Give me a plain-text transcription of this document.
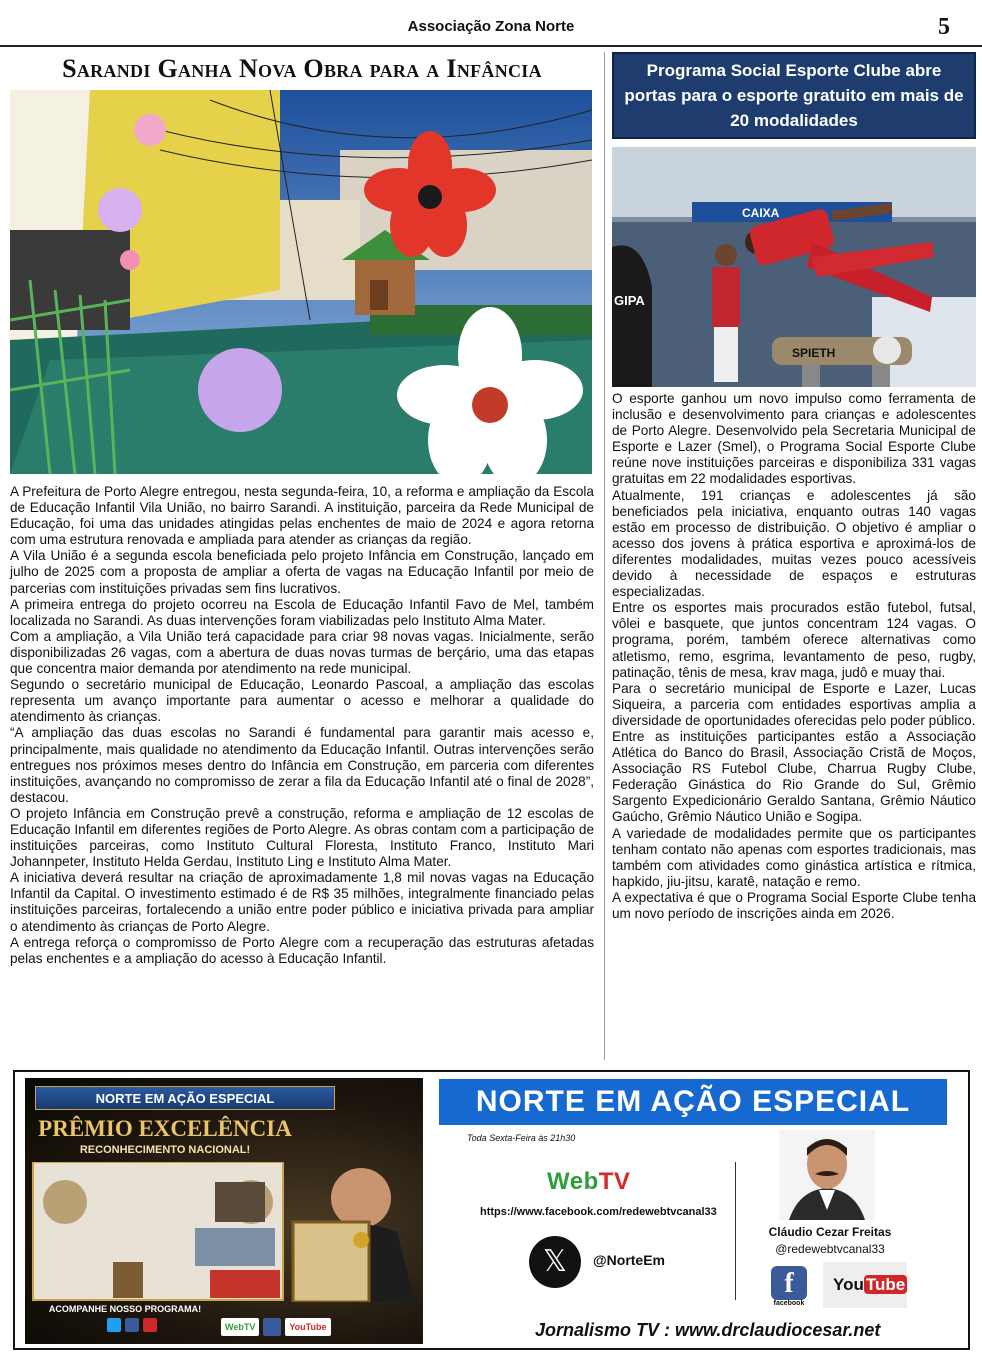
Associação Zona Norte	5
Sarandi Ganha Nova Obra para a Infância

A Prefeitura de Porto Alegre entregou, nesta segunda-feira, 10, a reforma e ampliação da Escola de Educação Infantil Vila União, no bairro Sarandi. A instituição, parceira da Rede Municipal de Educação, foi uma das unidades atingidas pelas enchentes de maio de 2024 e agora retorna com uma estrutura renovada e ampliada para atender as crianças da região.

A Vila União é a segunda escola beneficiada pelo projeto Infância em Construção, lançado em julho de 2025 com a proposta de ampliar a oferta de vagas na Educação Infantil por meio de parcerias com instituições privadas sem fins lucrativos.

A primeira entrega do projeto ocorreu na Escola de Educação Infantil Favo de Mel, também localizada no Sarandi. As duas intervenções foram viabilizadas pelo Instituto Alma Mater.

Com a ampliação, a Vila União terá capacidade para criar 98 novas vagas. Inicialmente, serão disponibilizadas 26 vagas, com a abertura de duas novas turmas de berçário, uma das etapas que concentra maior demanda por atendimento na rede municipal.

Segundo o secretário municipal de Educação, Leonardo Pascoal, a ampliação das escolas representa um avanço importante para aumentar o acesso e melhorar a qualidade do atendimento às crianças.

“A ampliação das duas escolas no Sarandi é fundamental para garantir mais acesso e, principalmente, mais qualidade no atendimento da Educação Infantil. Outras intervenções serão entregues nos próximos meses dentro do Infância em Construção, em parceria com diferentes instituições, avançando no compromisso de zerar a fila da Educação Infantil até o final de 2028”, destacou.

O projeto Infância em Construção prevê a construção, reforma e ampliação de 12 escolas de Educação Infantil em diferentes regiões de Porto Alegre. As obras contam com a participação de instituições parceiras, como Instituto Cultural Floresta, Instituto Franco, Instituto Mari Johannpeter, Instituto Helda Gerdau, Instituto Ling e Instituto Alma Mater.

A iniciativa deverá resultar na criação de aproximadamente 1,8 mil novas vagas na Educação Infantil da Capital. O investimento estimado é de R$ 35 milhões, integralmente financiado pelas instituições parceiras, fortalecendo a união entre poder público e iniciativa privada para ampliar o atendimento às crianças de Porto Alegre.

A entrega reforça o compromisso de Porto Alegre com a recuperação das estruturas afetadas pelas enchentes e a ampliação do acesso à Educação Infantil.

Programa Social Esporte Clube abre portas para o esporte gratuito em mais de 20 modalidades
CAIXA
GIPA
SPIETH

O esporte ganhou um novo impulso como ferramenta de inclusão e desenvolvimento para crianças e adolescentes de Porto Alegre. Desenvolvido pela Secretaria Municipal de Esporte e Lazer (Smel), o Programa Social Esporte Clube reúne nove instituições parceiras e disponibiliza 331 vagas gratuitas em 22 modalidades esportivas.

Atualmente, 191 crianças e adolescentes já são beneficiados pela iniciativa, enquanto outras 140 vagas estão em processo de distribuição. O objetivo é ampliar o acesso dos jovens à prática esportiva e aproximá-los de diferentes modalidades, muitas vezes pouco acessíveis devido à necessidade de espaços e estruturas especializadas.

Entre os esportes mais procurados estão futebol, futsal, vôlei e basquete, que juntos concentram 124 vagas. O programa, porém, também oferece alternativas como atletismo, remo, esgrima, levantamento de peso, rugby, patinação, tênis de mesa, krav maga, judô e muay thai.

Para o secretário municipal de Esporte e Lazer, Lucas Siqueira, a parceria com entidades esportivas amplia a diversidade de oportunidades oferecidas pelo poder público.

Entre as instituições participantes estão a Associação Atlética do Banco do Brasil, Associação Cristã de Moços, Associação RS Futebol Clube, Charrua Rugby Clube, Federação Ginástica do Rio Grande do Sul, Grêmio Sargento Expedicionário Geraldo Santana, Grêmio Náutico Gaúcho, Grêmio Náutico União e Sogipa.

A variedade de modalidades permite que os participantes tenham contato não apenas com esportes tradicionais, mas também com atividades como ginástica artística e rítmica, hapkido, jiu-jitsu, karatê, natação e remo.

A expectativa é que o Programa Social Esporte Clube tenha um novo período de inscrições ainda em 2026.

NORTE EM AÇÃO ESPECIAL
PRÊMIO EXCELÊNCIA
RECONHECIMENTO NACIONAL!
ACOMPANHE NOSSO PROGRAMA!
WebTV	YouTube
NORTE EM AÇÃO ESPECIAL
Toda Sexta-Feira às 21h30
WebTV
https://www.facebook.com/redewebtvcanal33
𝕏	@NorteEm
Cláudio Cezar Freitas
@redewebtvcanal33
f
facebook
You Tube
Jornalismo TV : www.drclaudiocesar.net
